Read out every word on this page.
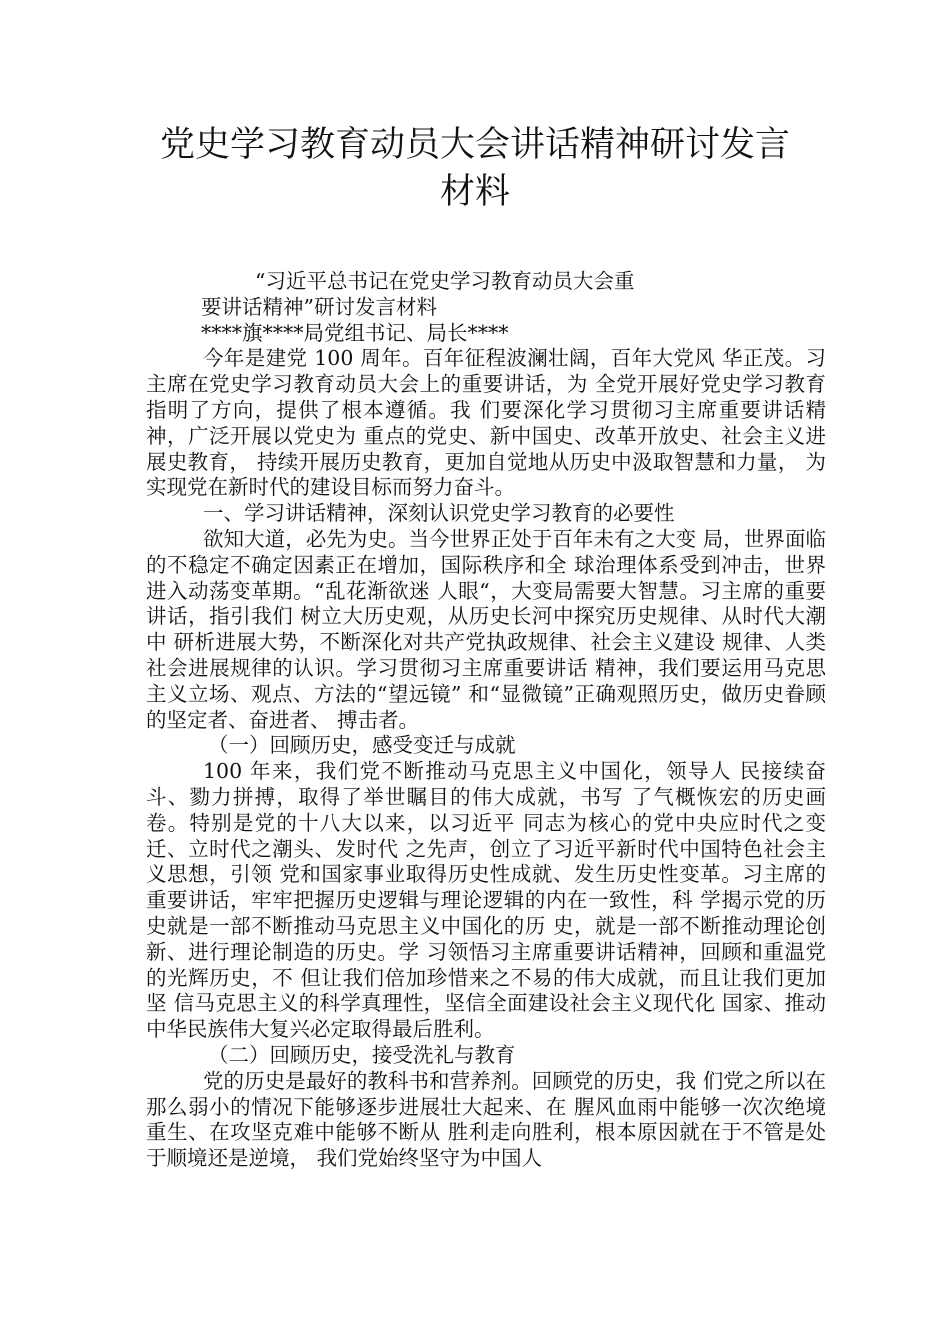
党史学习教育动员大会讲话精神研讨发言
材料

“习近平总书记在党史学习教育动员大会重

要讲话精神”研讨发言材料

****旗****局党组书记、局长****

今年是建党 100 周年。百年征程波澜壮阔，百年大党风 华正茂。习主席在党史学习教育动员大会上的重要讲话，为 全党开展好党史学习教育指明了方向，提供了根本遵循。我 们要深化学习贯彻习主席重要讲话精神，广泛开展以党史为 重点的党史、新中国史、改革开放史、社会主义进展史教育， 持续开展历史教育，更加自觉地从历史中汲取智慧和力量， 为实现党在新时代的建设目标而努力奋斗。

一、学习讲话精神，深刻认识党史学习教育的必要性

欲知大道，必先为史。当今世界正处于百年未有之大变 局，世界面临的不稳定不确定因素正在增加，国际秩序和全 球治理体系受到冲击，世界进入动荡变革期。“乱花渐欲迷 人眼“，大变局需要大智慧。习主席的重要讲话，指引我们 树立大历史观，从历史长河中探究历史规律、从时代大潮中 研析进展大势，不断深化对共产党执政规律、社会主义建设 规律、人类社会进展规律的认识。学习贯彻习主席重要讲话 精神，我们要运用马克思主义立场、观点、方法的“望远镜” 和“显微镜”正确观照历史，做历史眷顾的坚定者、奋进者、 搏击者。

（一）回顾历史，感受变迁与成就

100 年来，我们党不断推动马克思主义中国化，领导人 民接续奋斗、勠力拼搏，取得了举世瞩目的伟大成就，书写 了气概恢宏的历史画卷。特别是党的十八大以来，以习近平 同志为核心的党中央应时代之变迁、立时代之潮头、发时代 之先声，创立了习近平新时代中国特色社会主义思想，引领 党和国家事业取得历史性成就、发生历史性变革。习主席的 重要讲话，牢牢把握历史逻辑与理论逻辑的内在一致性，科 学揭示党的历史就是一部不断推动马克思主义中国化的历 史，就是一部不断推动理论创新、进行理论制造的历史。学 习领悟习主席重要讲话精神，回顾和重温党的光辉历史，不 但让我们倍加珍惜来之不易的伟大成就，而且让我们更加坚 信马克思主义的科学真理性，坚信全面建设社会主义现代化 国家、推动中华民族伟大复兴必定取得最后胜利。

（二）回顾历史，接受洗礼与教育

党的历史是最好的教科书和营养剂。回顾党的历史，我 们党之所以在那么弱小的情况下能够逐步进展壮大起来、在 腥风血雨中能够一次次绝境重生、在攻坚克难中能够不断从 胜利走向胜利，根本原因就在于不管是处于顺境还是逆境， 我们党始终坚守为中国人
